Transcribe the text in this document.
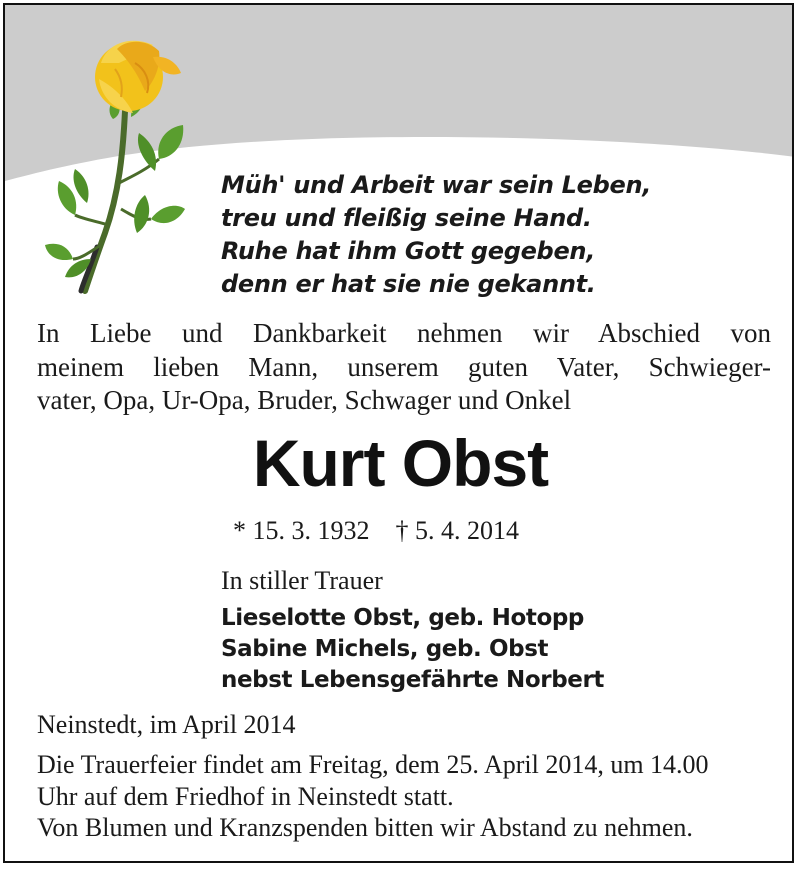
Müh' und Arbeit war sein Leben,
treu und fleißig seine Hand.
Ruhe hat ihm Gott gegeben,
denn er hat sie nie gekannt.
In Liebe und Dankbarkeit nehmen wir Abschied von
meinem lieben Mann, unserem guten Vater, Schwieger-
vater, Opa, Ur-Opa, Bruder, Schwager und Onkel
Kurt Obst
* 15. 3. 1932 † 5. 4. 2014
In stiller Trauer
Lieselotte Obst, geb. Hotopp
Sabine Michels, geb. Obst
nebst Lebensgefährte Norbert
Neinstedt, im April 2014
Die Trauerfeier findet am Freitag, dem 25. April 2014, um 14.00
Uhr auf dem Friedhof in Neinstedt statt.
Von Blumen und Kranzspenden bitten wir Abstand zu nehmen.
